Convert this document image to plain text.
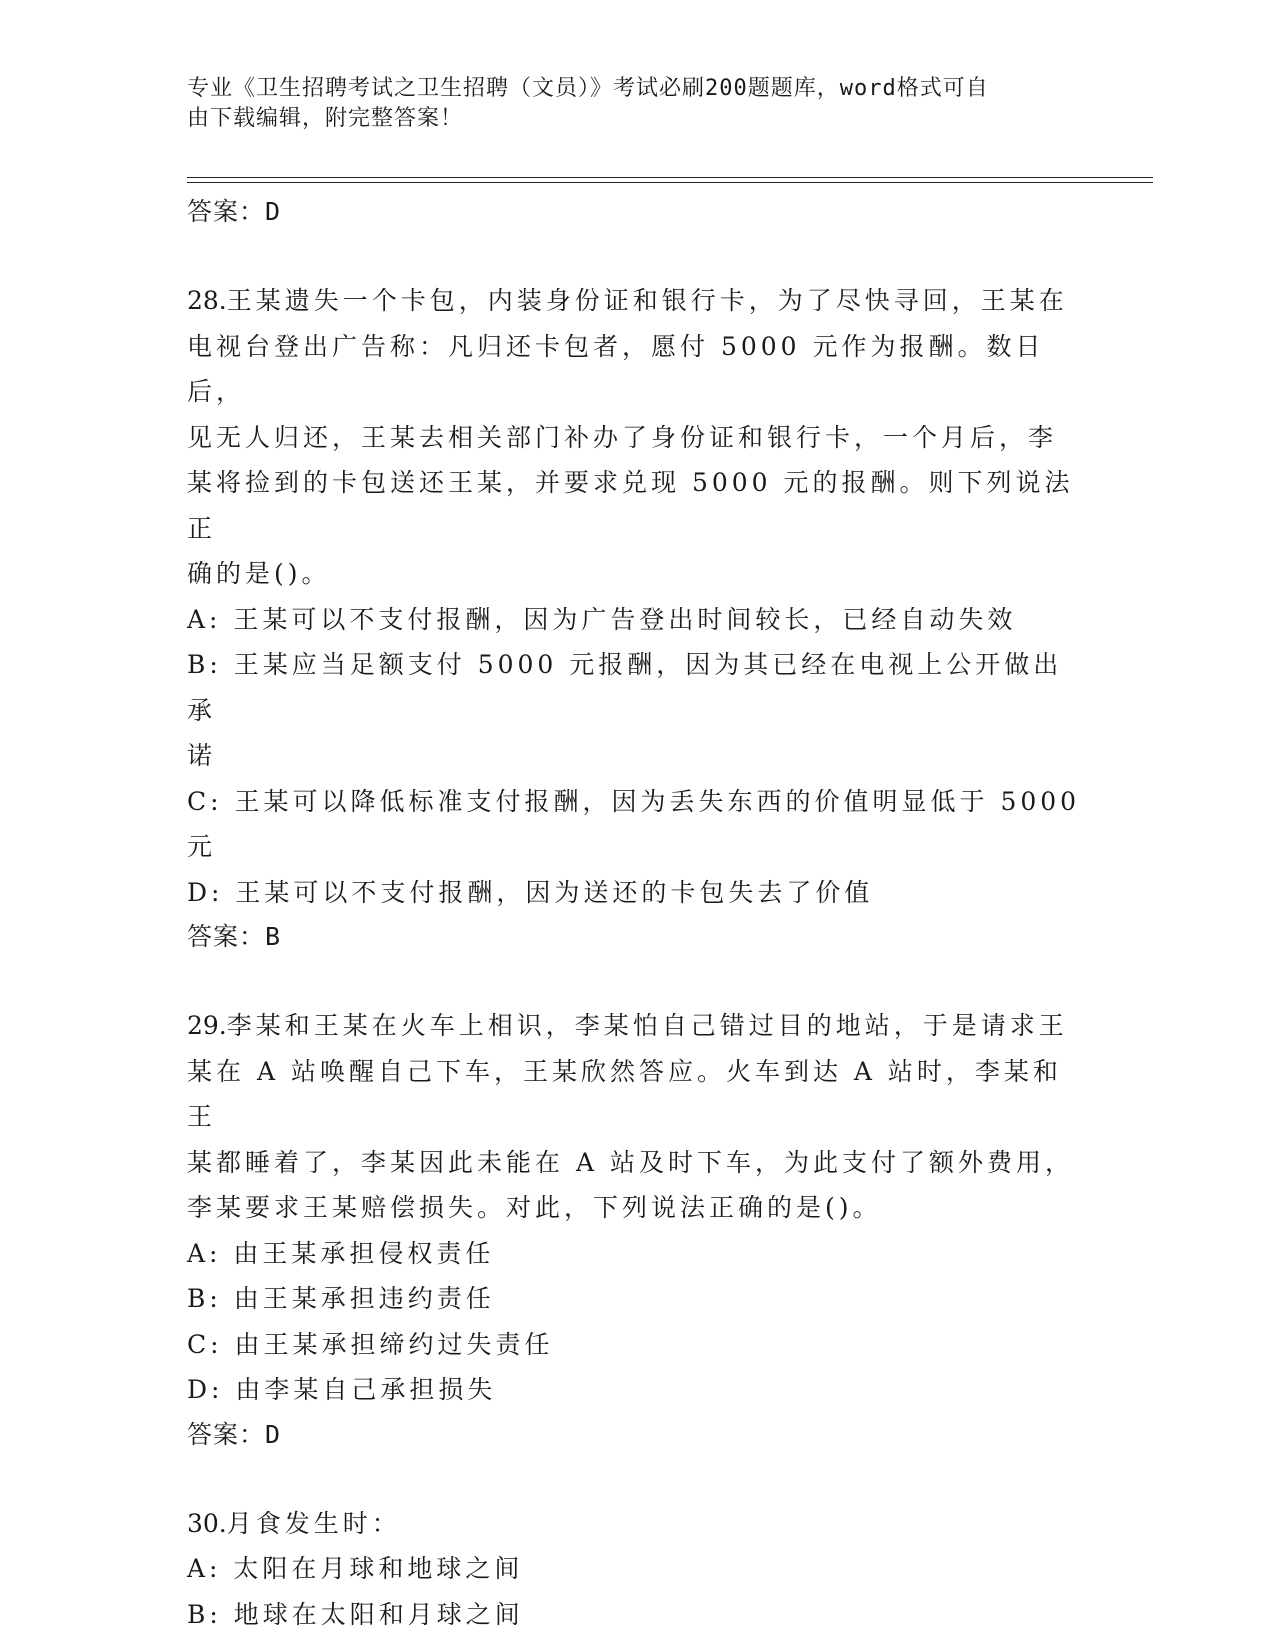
专业《卫生招聘考试之卫生招聘（文员）》考试必刷200题题库，word格式可自
由下载编辑，附完整答案！
答案：D
28.王某遗失一个卡包，内装身份证和银行卡，为了尽快寻回，王某在
电视台登出广告称：凡归还卡包者，愿付 5000 元作为报酬。数日后，
见无人归还，王某去相关部门补办了身份证和银行卡，一个月后，李
某将捡到的卡包送还王某，并要求兑现 5000 元的报酬。则下列说法正
确的是()。
A: 王某可以不支付报酬，因为广告登出时间较长，已经自动失效
B: 王某应当足额支付 5000 元报酬，因为其已经在电视上公开做出承
诺
C: 王某可以降低标准支付报酬，因为丢失东西的价值明显低于 5000
元
D: 王某可以不支付报酬，因为送还的卡包失去了价值
答案：B
29.李某和王某在火车上相识，李某怕自己错过目的地站，于是请求王
某在 A 站唤醒自己下车，王某欣然答应。火车到达 A 站时，李某和王
某都睡着了，李某因此未能在 A 站及时下车，为此支付了额外费用，
李某要求王某赔偿损失。对此，下列说法正确的是()。
A: 由王某承担侵权责任
B: 由王某承担违约责任
C: 由王某承担缔约过失责任
D: 由李某自己承担损失
答案：D
30.月食发生时：
A: 太阳在月球和地球之间
B: 地球在太阳和月球之间
